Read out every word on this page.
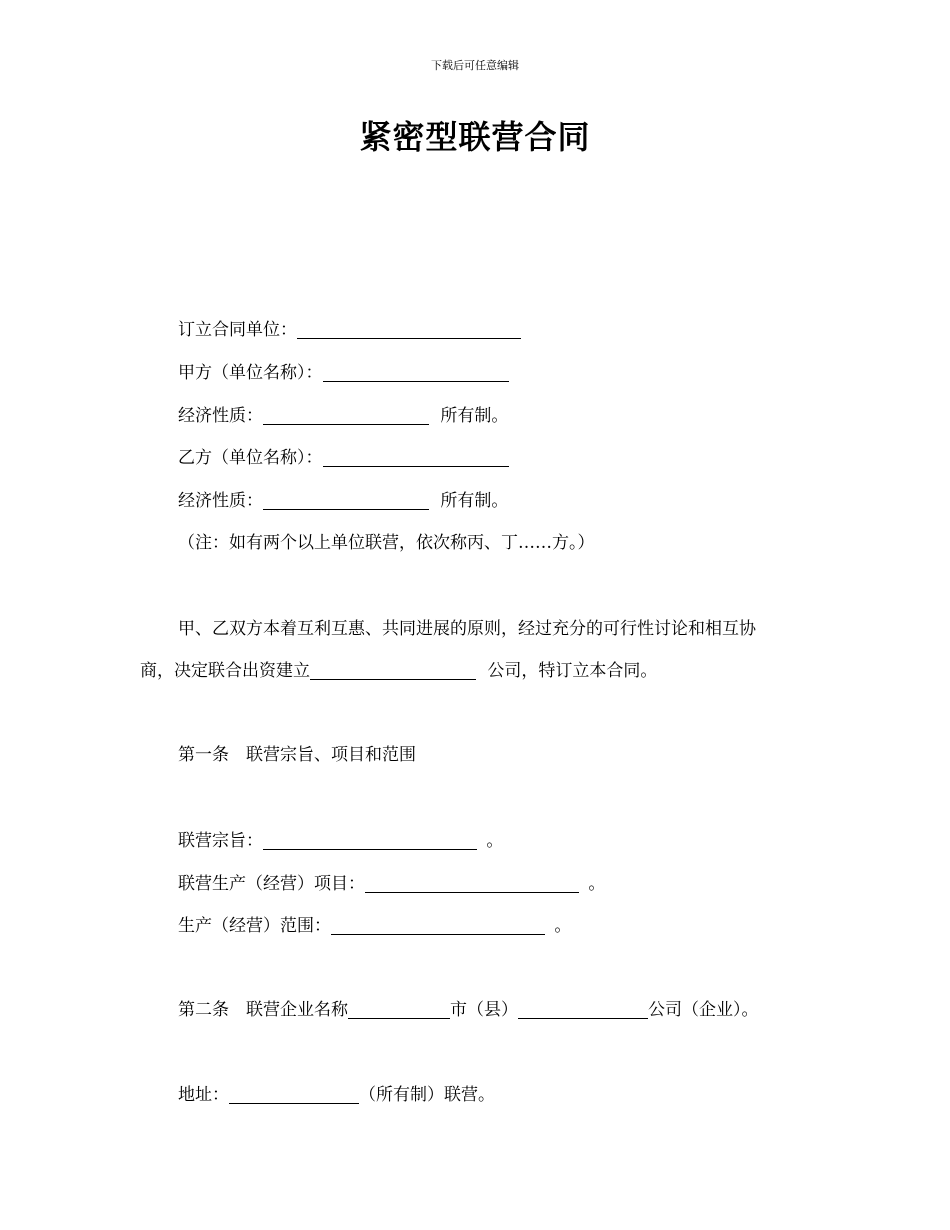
下载后可任意编辑
紧密型联营合同
订立合同单位：
甲方（单位名称）：
经济性质：	所有制。
乙方（单位名称）：
经济性质：	所有制。
（注：如有两个以上单位联营，依次称丙、丁……方。）
甲、乙双方本着互利互惠、共同进展的原则，经过充分的可行性讨论和相互协
商，决定联合出资建立	公司，特订立本合同。
第一条　联营宗旨、项目和范围
联营宗旨：	。
联营生产（经营）项目：	。
生产（经营）范围：	。
第二条　联营企业名称	市（县）	公司（企业）。
地址：	（所有制）联营。
